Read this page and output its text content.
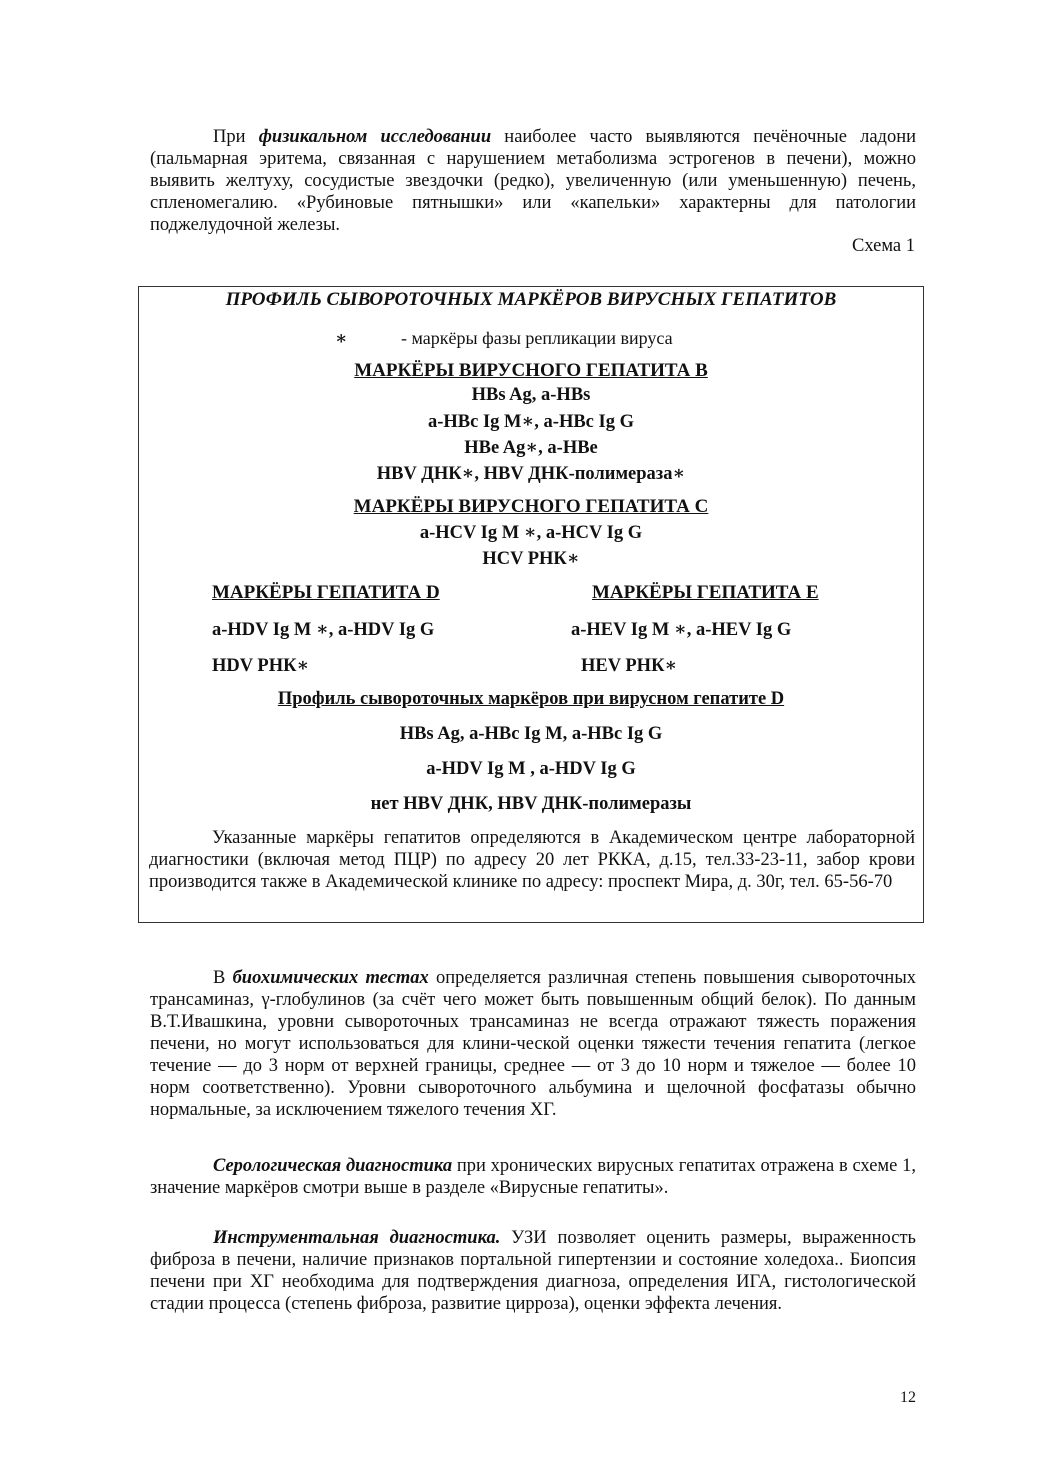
При физикальном исследовании наиболее часто выявляются печёночные ладони (пальмарная эритема, связанная с нарушением метаболизма эстрогенов в печени), можно выявить желтуху, сосудистые звездочки (редко), увеличенную (или уменьшенную) печень, спленомегалию. «Рубиновые пятнышки» или «капельки» характерны для патологии поджелудочной железы.

Схема 1
ПРОФИЛЬ СЫВОРОТОЧНЫХ МАРКЁРОВ ВИРУСНЫХ ГЕПАТИТОВ
∗	- маркёры фазы репликации вируса
МАРКЁРЫ ВИРУСНОГО ГЕПАТИТА В
HBs Ag, a-HBs
a-HBc Ig M∗, a-HBc Ig G
HBe Ag∗, a-HBe
HBV ДНК∗, HBV ДНК-полимераза∗
МАРКЁРЫ ВИРУСНОГО ГЕПАТИТА С
a-HCV Ig M ∗, a-HCV Ig G
HCV РНК∗
МАРКЁРЫ ГЕПАТИТА D
a-HDV Ig M ∗, a-HDV Ig G
HDV РНК∗
МАРКЁРЫ ГЕПАТИТА Е
a-HEV Ig M ∗, a-HEV Ig G
HEV РНК∗
Профиль сывороточных маркёров при вирусном гепатите D
HBs Ag, a-HBc Ig M, a-HBc Ig G
a-HDV Ig M , a-HDV Ig G
нет HBV ДНК, HBV ДНК-полимеразы

Указанные маркёры гепатитов определяются в Академическом центре лабораторной диагностики (включая метод ПЦР) по адресу 20 лет РККА, д.15, тел.33-23-11, забор крови производится также в Академической клинике по адресу: проспект Мира, д. 30г, тел. 65-56-70

В биохимических тестах определяется различная степень повышения сывороточных трансаминаз, γ-глобулинов (за счёт чего может быть повышенным общий белок). По данным В.Т.Ивашкина, уровни сывороточных трансаминаз не всегда отражают тяжесть поражения печени, но могут использоваться для клини-ческой оценки тяжести течения гепатита (легкое течение — до 3 норм от верхней границы, среднее — от 3 до 10 норм и тяжелое — более 10 норм соответственно). Уровни сывороточного альбумина и щелочной фосфатазы обычно нормальные, за исключением тяжелого течения ХГ.

Серологическая диагностика при хронических вирусных гепатитах отражена в схеме 1, значение маркёров смотри выше в разделе «Вирусные гепатиты».

Инструментальная диагностика. УЗИ позволяет оценить размеры, выраженность фиброза в печени, наличие признаков портальной гипертензии и состояние холедоха.. Биопсия печени при ХГ необходима для подтверждения диагноза, определения ИГА, гистологической стадии процесса (степень фиброза, развитие цирроза), оценки эффекта лечения.

12
